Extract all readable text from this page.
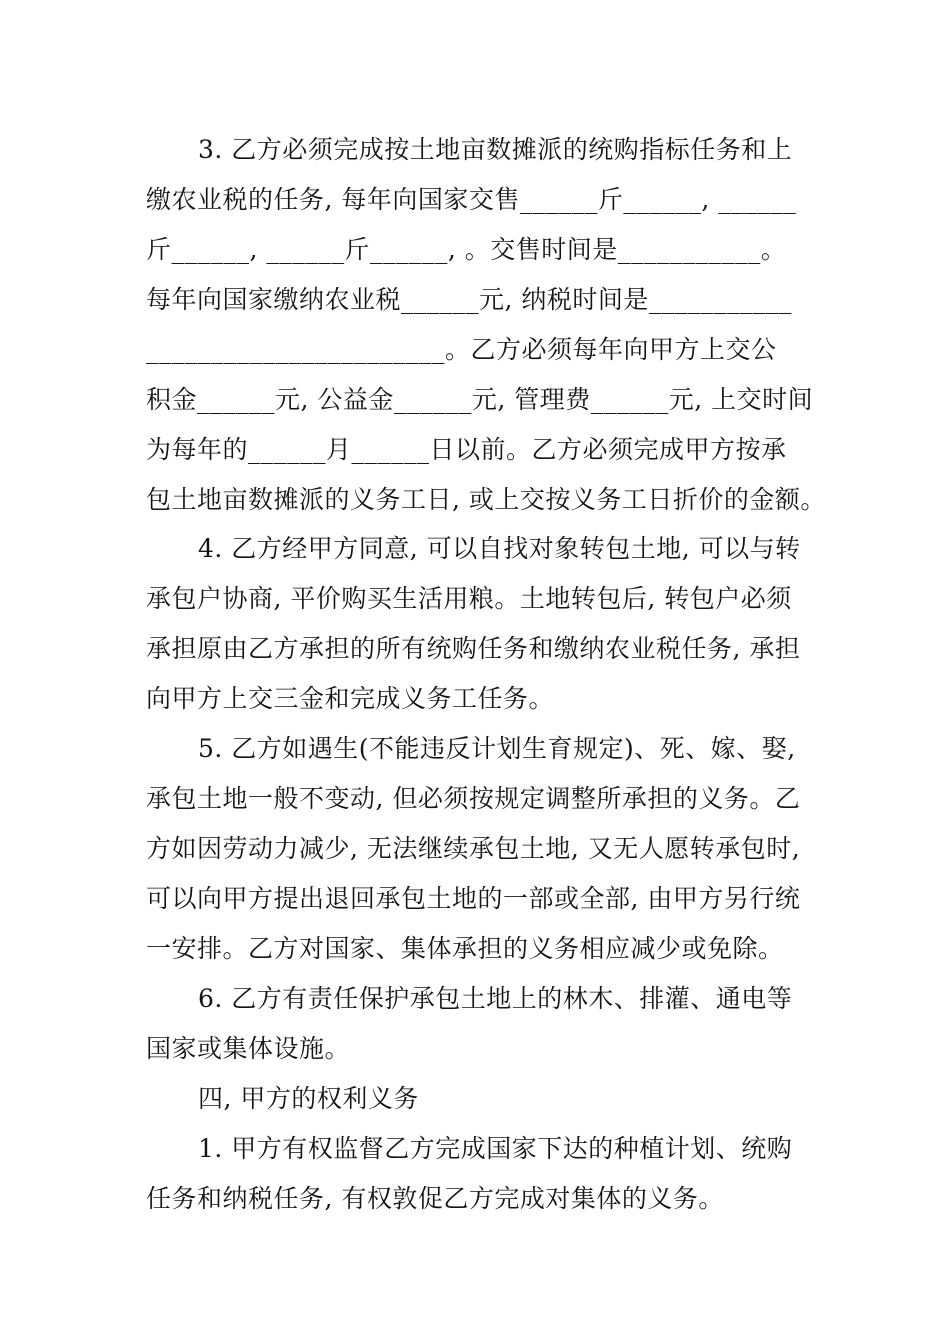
3. 乙方必须完成按土地亩数摊派的统购指标任务和上

缴农业税的任务, 每年向国家交售______斤______, ______

斤______, ______斤______, 。交售时间是___________。

每年向国家缴纳农业税______元, 纳税时间是___________

_______________________。乙方必须每年向甲方上交公

积金______元, 公益金______元, 管理费______元, 上交时间

为每年的______月______日以前。乙方必须完成甲方按承

包土地亩数摊派的义务工日, 或上交按义务工日折价的金额。

4. 乙方经甲方同意, 可以自找对象转包土地, 可以与转

承包户协商, 平价购买生活用粮。土地转包后, 转包户必须

承担原由乙方承担的所有统购任务和缴纳农业税任务, 承担

向甲方上交三金和完成义务工任务。

5. 乙方如遇生(不能违反计划生育规定)、死、嫁、娶,

承包土地一般不变动, 但必须按规定调整所承担的义务。乙

方如因劳动力减少, 无法继续承包土地, 又无人愿转承包时,

可以向甲方提出退回承包土地的一部或全部, 由甲方另行统

一安排。乙方对国家、集体承担的义务相应减少或免除。

6. 乙方有责任保护承包土地上的林木、排灌、通电等

国家或集体设施。

四, 甲方的权利义务

1. 甲方有权监督乙方完成国家下达的种植计划、统购

任务和纳税任务, 有权敦促乙方完成对集体的义务。
